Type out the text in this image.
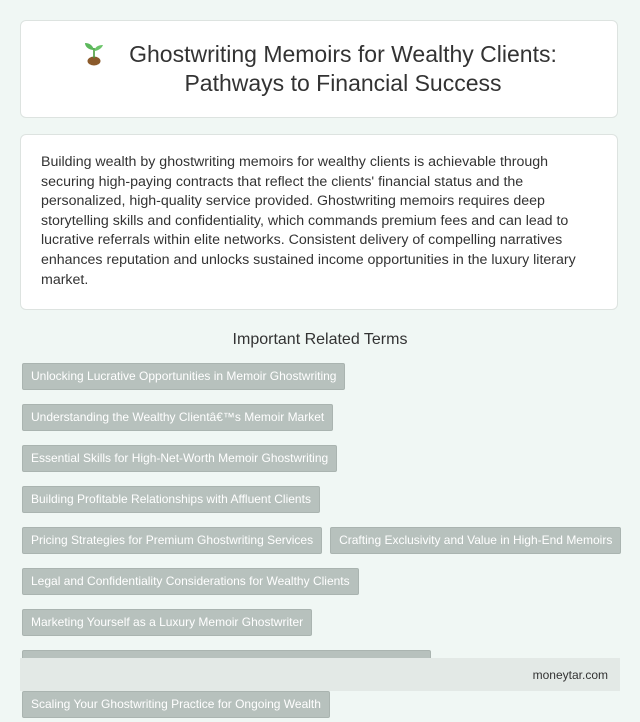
Ghostwriting Memoirs for Wealthy Clients:
Pathways to Financial Success

Building wealth by ghostwriting memoirs for wealthy clients is achievable through securing high-paying contracts that reflect the clients' financial status and the personalized, high-quality service provided. Ghostwriting memoirs requires deep storytelling skills and confidentiality, which commands premium fees and can lead to lucrative referrals within elite networks. Consistent delivery of compelling narratives enhances reputation and unlocks sustained income opportunities in the luxury literary market.

Important Related Terms
Unlocking Lucrative Opportunities in Memoir Ghostwriting
Understanding the Wealthy Clientâ€™s Memoir Market
Essential Skills for High-Net-Worth Memoir Ghostwriting
Building Profitable Relationships with Affluent Clients
Pricing Strategies for Premium Ghostwriting Services	Crafting Exclusivity and Value in High-End Memoirs
Legal and Confidentiality Considerations for Wealthy Clients
Marketing Yourself as a Luxury Memoir Ghostwriter
Scaling Your Ghostwriting Practice for Ongoing Wealth
moneytar.com
